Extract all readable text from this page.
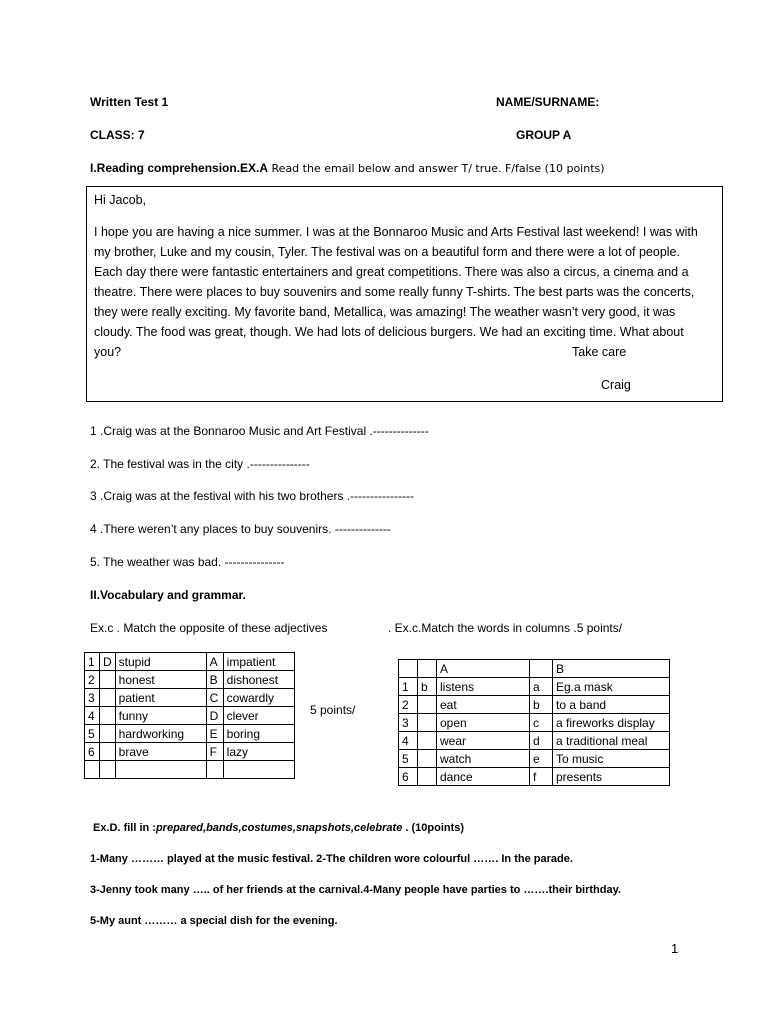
Written Test 1	NAME/SURNAME:
CLASS: 7	GROUP A
I.Reading comprehension.EX.A Read the email below and answer T/ true. F/false (10 points)
Hi Jacob,
I hope you are having a nice summer. I was at the Bonnaroo Music and Arts Festival last weekend! I was with
my brother, Luke and my cousin, Tyler. The festival was on a beautiful form and there were a lot of people.
Each day there were fantastic entertainers and great competitions. There was also a circus, a cinema and a
theatre. There were places to buy souvenirs and some really funny T-shirts. The best parts was the concerts,
they were really exciting. My favorite band, Metallica, was amazing! The weather wasn’t very good, it was
cloudy. The food was great, though. We had lots of delicious burgers. We had an exciting time. What about
you?	Take care
Craig
1 .Craig was at the Bonnaroo Music and Art Festival .--------------
2. The festival was in the city .---------------
3 .Craig was at the festival with his two brothers .----------------
4 .There weren’t any places to buy souvenirs. --------------
5. The weather was bad. ---------------
II.Vocabulary and grammar.
Ex.c . Match the opposite of these adjectives	. Ex.c.Match the words in columns .5 points/
1	D	stupid	A	impatient
2		honest	B	dishonest
3		patient	C	cowardly
4		funny	D	clever
5		hardworking	E	boring
6		brave	F	lazy

5 points/
		A		B
1	b	listens	a	Eg.a mask
2		eat	b	to a band
3		open	c	a fireworks display
4		wear	d	a traditional meal
5		watch	e	To music
6		dance	f	presents
Ex.D. fill in :prepared,bands,costumes,snapshots,celebrate . (10points)
1-Many ……… played at the music festival. 2-The children wore colourful ……. In the parade.
3-Jenny took many ….. of her friends at the carnival.4-Many people have parties to …….their birthday.
5-My aunt ……… a special dish for the evening.
1
